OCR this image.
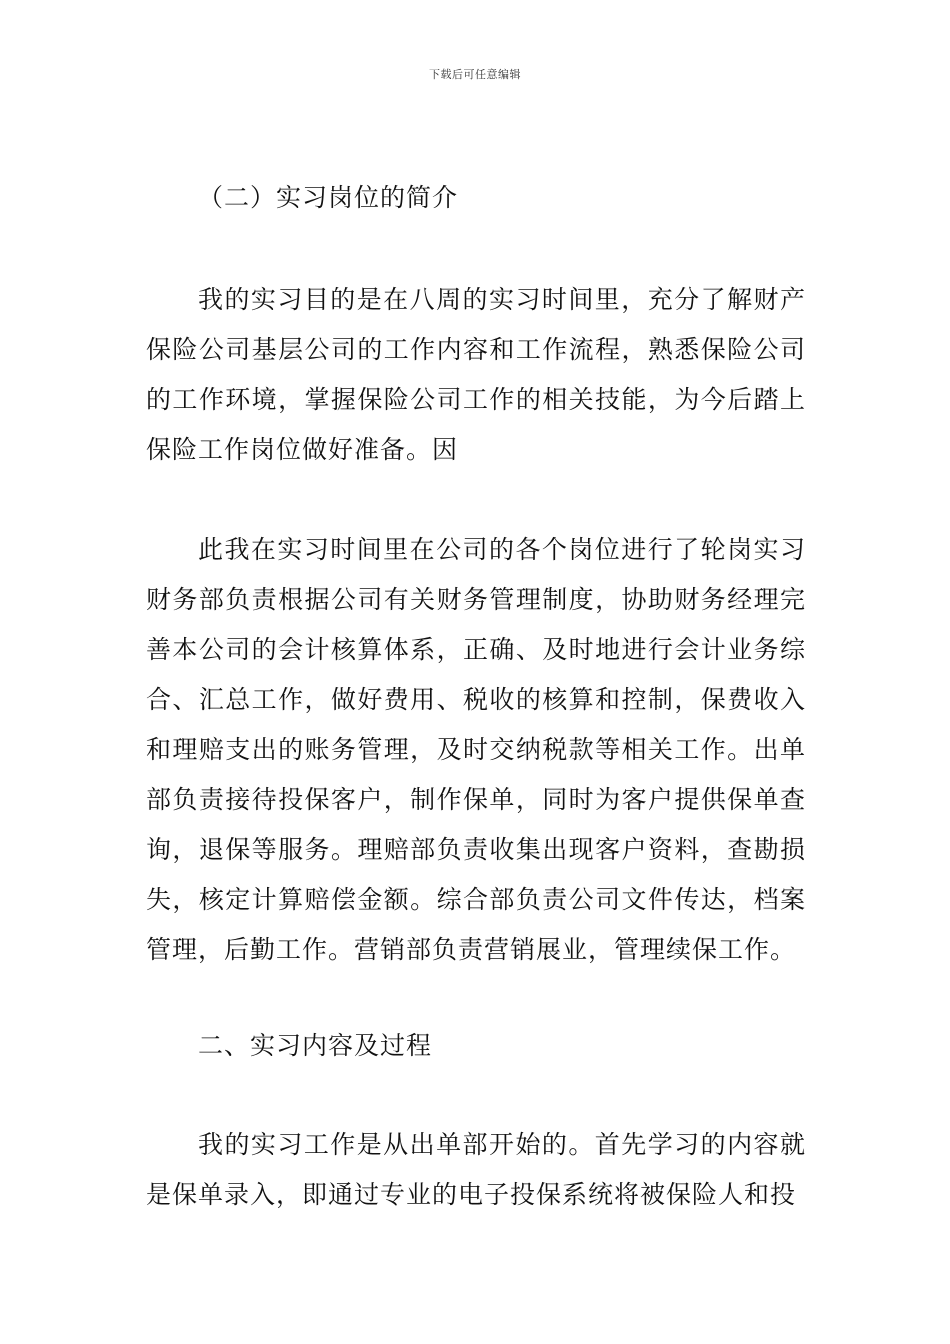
下载后可任意编辑
（二）实习岗位的简介

我的实习目的是在八周的实习时间里，充分了解财产保险公司基层公司的工作内容和工作流程，熟悉保险公司的工作环境，掌握保险公司工作的相关技能，为今后踏上保险工作岗位做好准备。因

此我在实习时间里在公司的各个岗位进行了轮岗实习财务部负责根据公司有关财务管理制度，协助财务经理完善本公司的会计核算体系，正确、及时地进行会计业务综合、汇总工作，做好费用、税收的核算和控制，保费收入和理赔支出的账务管理，及时交纳税款等相关工作。出单部负责接待投保客户，制作保单，同时为客户提供保单查询，退保等服务。理赔部负责收集出现客户资料，查勘损失，核定计算赔偿金额。综合部负责公司文件传达，档案管理，后勤工作。营销部负责营销展业，管理续保工作。

二、实习内容及过程

我的实习工作是从出单部开始的。首先学习的内容就是保单录入，即通过专业的电子投保系统将被保险人和投
